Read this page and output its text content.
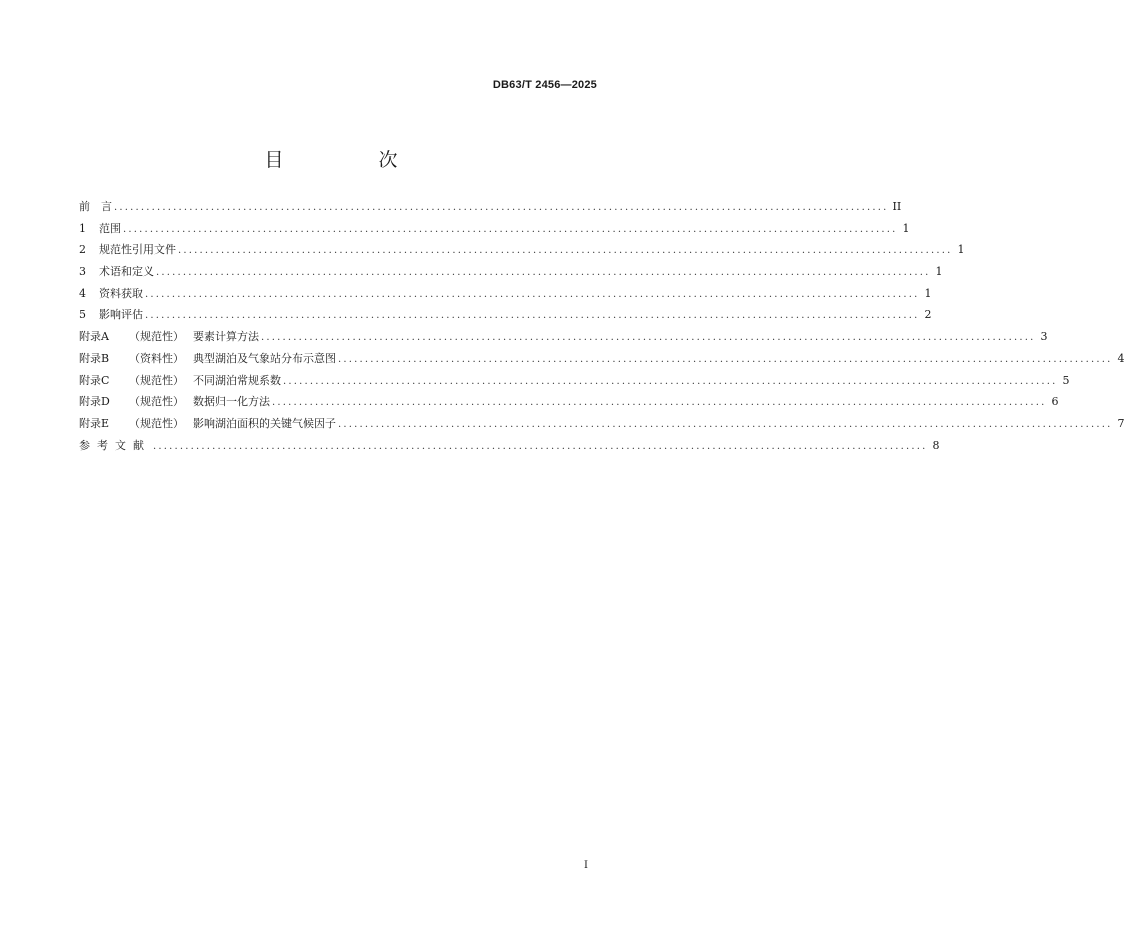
DB63/T 2456—2025
目　次
前　言 ................................................................................................................................................ II
1 范围 ................................................................................................................................................ 1
2 规范性引用文件 ................................................................................................................................................ 1
3 术语和定义 ................................................................................................................................................ 1
4 资料获取 ................................................................................................................................................ 1
5 影响评估 ................................................................................................................................................ 2
附录A （规范性） 要素计算方法 ................................................................................................................................................ 3
附录B （资料性） 典型湖泊及气象站分布示意图 ................................................................................................................................................ 4
附录C （规范性） 不同湖泊常规系数 ................................................................................................................................................ 5
附录D （规范性） 数据归一化方法 ................................................................................................................................................ 6
附录E （规范性） 影响湖泊面积的关键气候因子 ................................................................................................................................................ 7
参考文献 ................................................................................................................................................ 8
I
